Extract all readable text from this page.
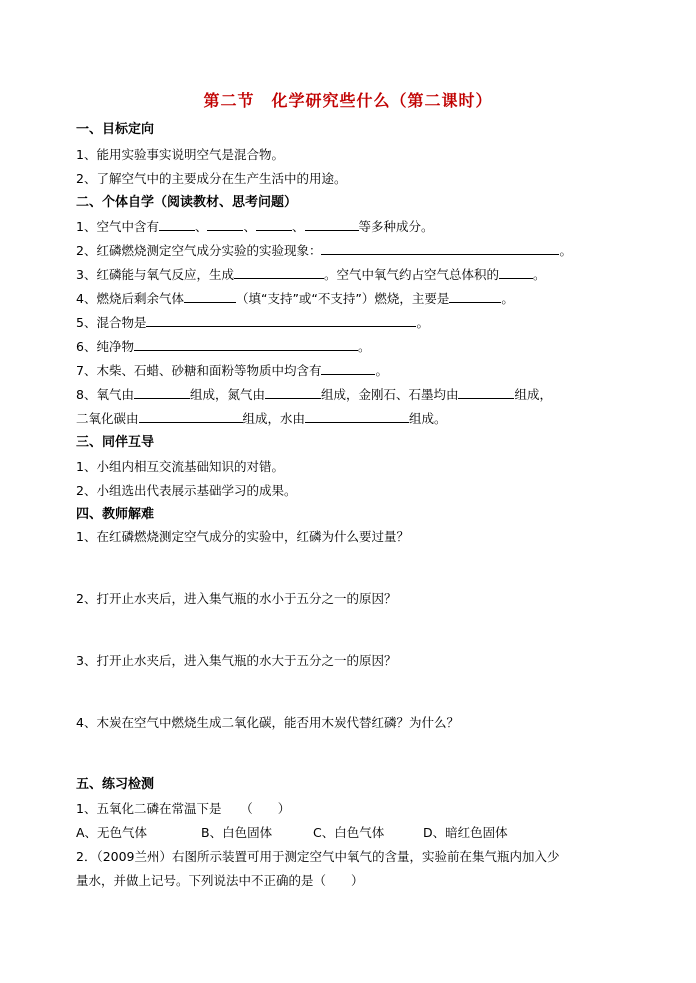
第二节　化学研究些什么（第二课时）
一、目标定向
1、能用实验事实说明空气是混合物。
2、了解空气中的主要成分在生产生活中的用途。
二、个体自学（阅读教材、思考问题）
1、空气中含有	、	、	、	等多种成分。
2、红磷燃烧测定空气成分实验的实验现象：	。
3、红磷能与氧气反应，生成	。空气中氧气约占空气总体积的	。
4、燃烧后剩余气体	（填“支持”或“不支持”）燃烧，主要是	。
5、混合物是	。
6、纯净物	。
7、木柴、石蜡、砂糖和面粉等物质中均含有	。
8、氧气由	组成，氮气由	组成，金刚石、石墨均由	组成，
二氧化碳由	组成，水由	组成。
三、同伴互导
1、小组内相互交流基础知识的对错。
2、小组选出代表展示基础学习的成果。
四、教师解难
1、在红磷燃烧测定空气成分的实验中，红磷为什么要过量？
2、打开止水夹后，进入集气瓶的水小于五分之一的原因？
3、打开止水夹后，进入集气瓶的水大于五分之一的原因？
4、木炭在空气中燃烧生成二氧化碳，能否用木炭代替红磷？为什么？
五、练习检测
1、五氧化二磷在常温下是　　（　　）
A、无色气体	B、白色固体	C、白色气体	D、暗红色固体
2．（2009兰州）右图所示装置可用于测定空气中氧气的含量，实验前在集气瓶内加入少
量水，并做上记号。下列说法中不正确的是（　　）
